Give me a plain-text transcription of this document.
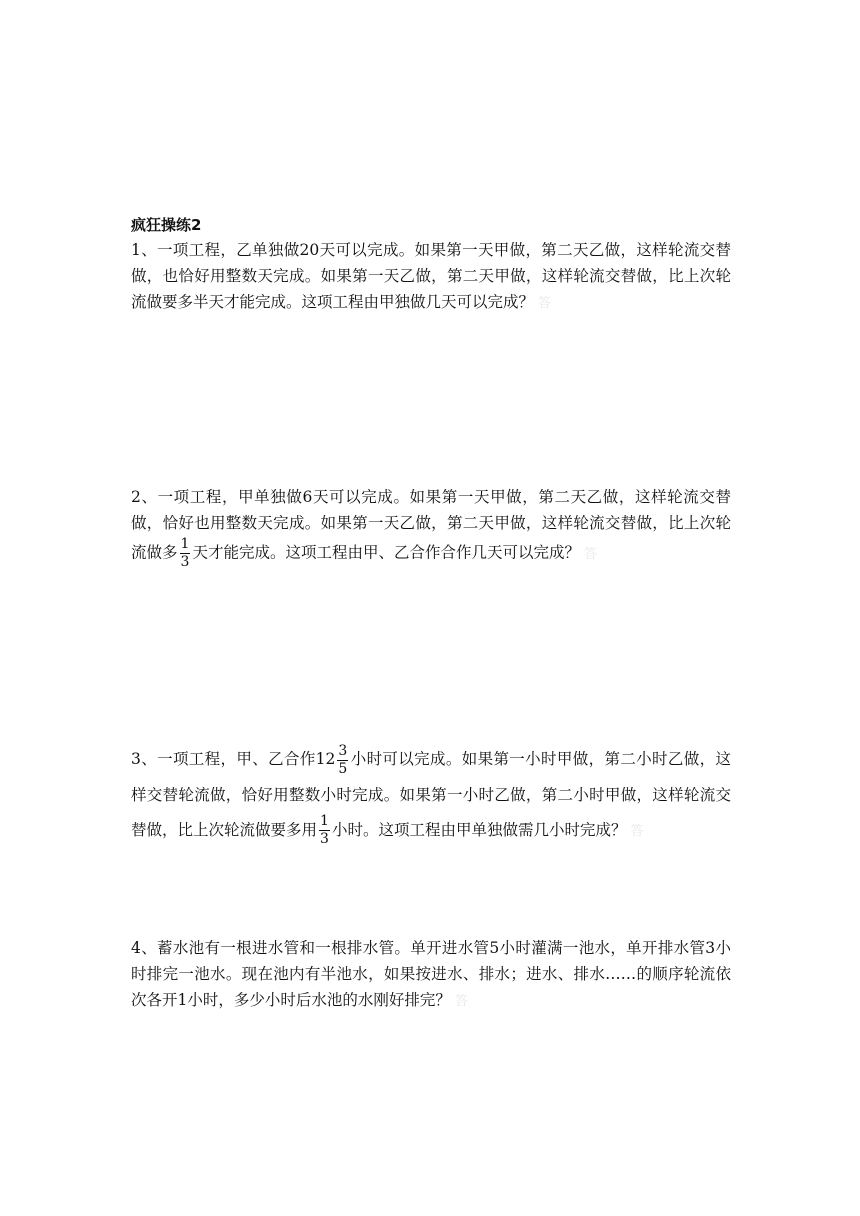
疯狂操练2

1、一项工程，乙单独做20天可以完成。如果第一天甲做，第二天乙做，这样轮流交替做，也恰好用整数天完成。如果第一天乙做，第二天甲做，这样轮流交替做，比上次轮流做要多半天才能完成。这项工程由甲独做几天可以完成？ 答

2、一项工程，甲单独做6天可以完成。如果第一天甲做，第二天乙做，这样轮流交替做，恰好也用整数天完成。如果第一天乙做，第二天甲做，这样轮流交替做，比上次轮流做多 $\frac{1}{3}$ 天才能完成。这项工程由甲、乙合作合作几天可以完成？ 答

3、一项工程，甲、乙合作$12 \frac{3}{5}$ 小时可以完成。如果第一小时甲做，第二小时乙做，这样交替轮流做，恰好用整数小时完成。如果第一小时乙做，第二小时甲做，这样轮流交替做，比上次轮流做要多用 $\frac{1}{3}$ 小时。这项工程由甲单独做需几小时完成？ 答

4、蓄水池有一根进水管和一根排水管。单开进水管5小时灌满一池水，单开排水管3小时排完一池水。现在池内有半池水，如果按进水、排水；进水、排水……的顺序轮流依次各开1小时，多少小时后水池的水刚好排完？ 答
